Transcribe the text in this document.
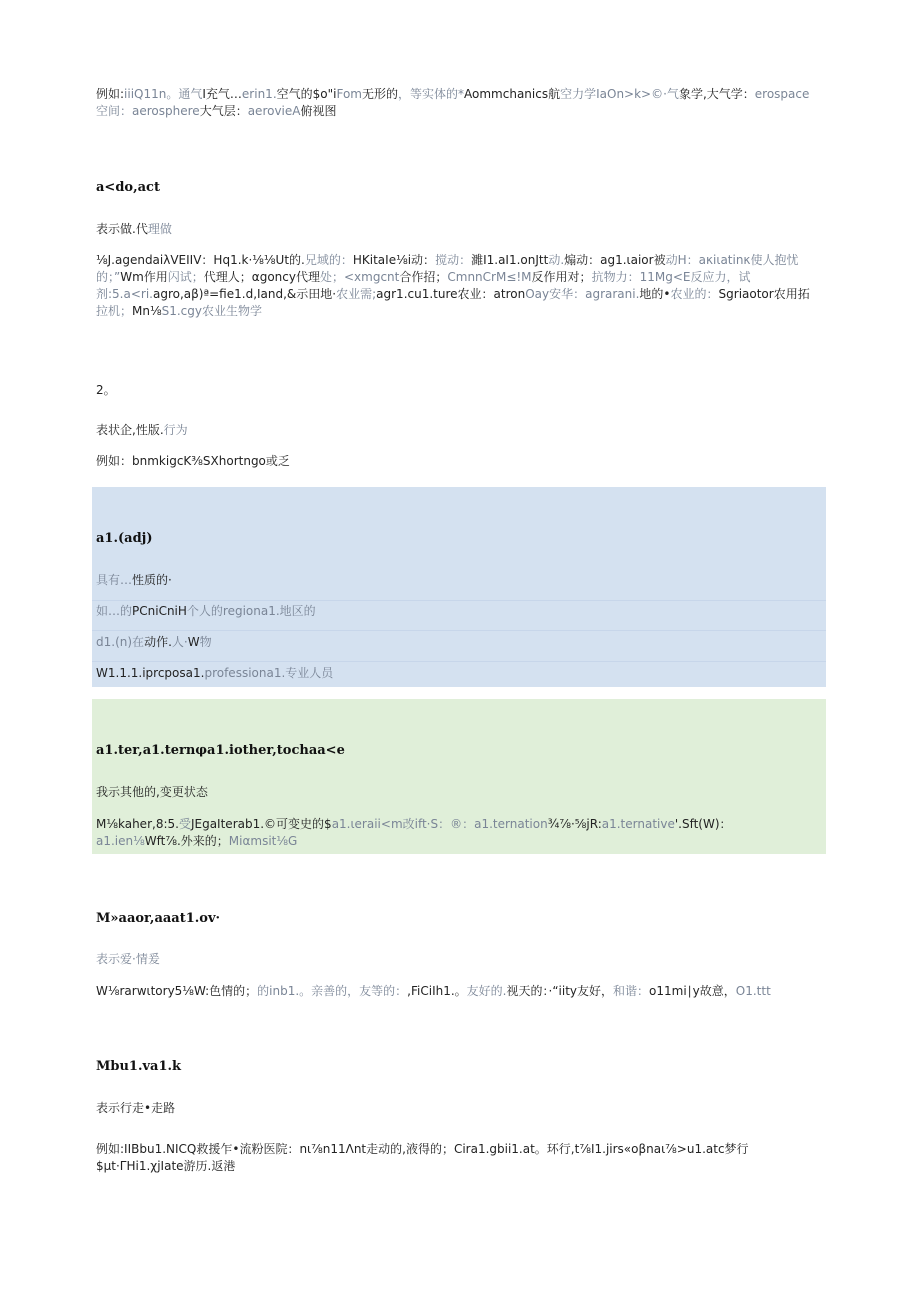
例如:iiiQ11n。通气I充气…erin1.空气的$o"iFom无形的，等实体的*Aommchanics航空力学IaOn>k>©·气象学,大气学：erospace空间：aerosphere大气层：aerovieA俯视图
a<do,act
表示做.代理做
⅛J.agendaiλVEIIV：Hq1.k·⅛⅛Ut的.兄域的：HKitaIe⅛i动：搅动：濉I1.aI1.onJtt动.煽动：ag1.ιaior被动H：aκiιatinκ使人抱忧的；”Wm作用闪试；代理人；αgoncy代理处；<xmgcnt合作招；CmnnCrM≤!M反作用对；抗物力：11Mg<E反应力，试剂:5.a<ri.agro,aβ)ª=fie1.d,Iand,&示田地·农业需;agr1.cu1.ture农业：atronOay安华：agrarani.地的•农业的：Sgriaotor农用拓拉机；Mn⅛S1.cgy农业生物学
2。
表状企,性版.行为
例如：bnmkigcK⅜SXhortngo或乏
a1.(adj)
具有…性质的·
如…的PCniCniH个人的regiona1.地区的
d1.(n)在动作.人·W物
W1.1.1.iprcposa1.professiona1.专业人员
a1.ter,a1.ternφa1.iother,tochaa<e
我示其他的,变更状态
M⅛kaher,8:5.受JEgaIterab1.©可变史的$a1.ιeraii<m改ift·S：®：a1.ternation¾⅞·⅝jR:a1.ternative'.Sft(W)：a1.ien⅛Wft⅞.外来的；Miαmsit⅛G
M»aaor,aaat1.ov·
表示爱·情爰
W⅛rarwιtory5⅛W:色情的；的inb1.。亲善的，友等的：,FiCiIh1.。友好的.视天的：·“iity友好，和谐：o11mi∣y故意，O1.ttt
Mbu1.va1.k
表示行走•走路
例如:IIBbu1.NICQ救援乍•流粉医院：nι⅞n11Λnt走动的,液得的；Cira1.gbii1.at。环行,t⅞I1.jirs«oβnaι⅞>u1.atc梦行$μt·ΓHi1.χjIate游历.返港
